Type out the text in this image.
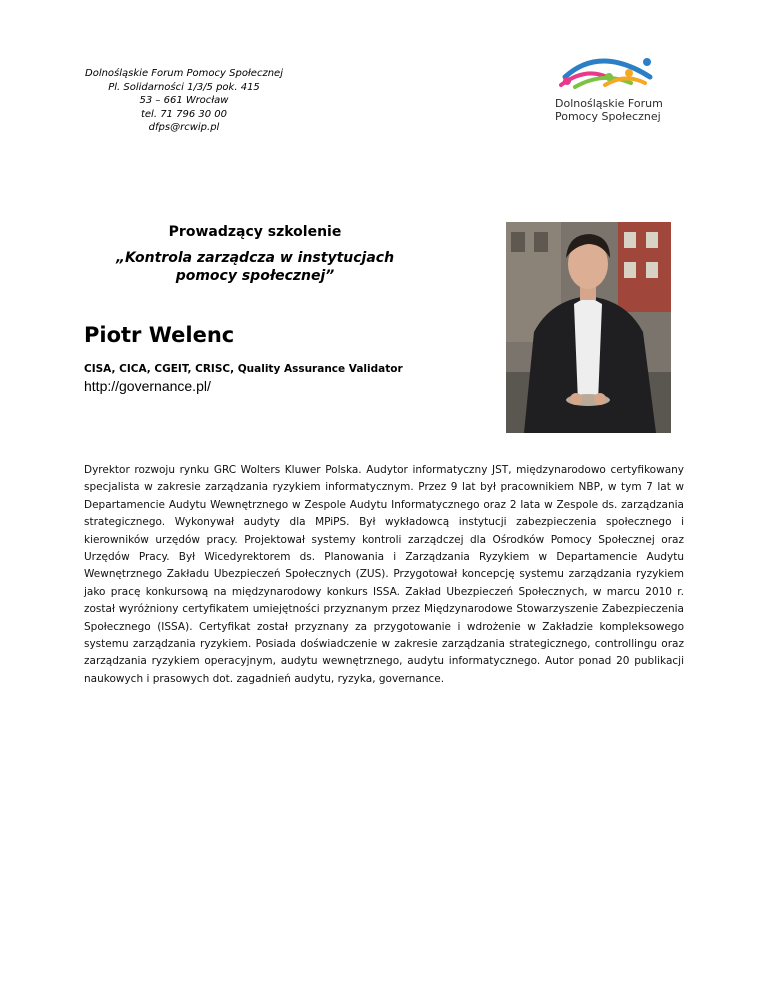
Dolnośląskie Forum Pomocy Społecznej
Pl. Solidarności 1/3/5 pok. 415
53 – 661 Wrocław
tel. 71 796 30 00
dfps@rcwip.pl
Dolnośląskie Forum
Pomocy Społecznej
Prowadzący szkolenie
„Kontrola zarządcza w instytucjach pomocy społecznej”
Piotr Welenc
CISA, CICA, CGEIT, CRISC, Quality Assurance Validator
http://governance.pl/
Dyrektor rozwoju rynku GRC Wolters Kluwer Polska. Audytor informatyczny JST, międzynarodowo certyfikowany specjalista w zakresie zarządzania ryzykiem informatycznym. Przez 9 lat był pracownikiem NBP, w tym 7 lat w Departamencie Audytu Wewnętrznego w Zespole Audytu Informatycznego oraz 2 lata w Zespole ds. zarządzania strategicznego. Wykonywał audyty dla MPiPS. Był wykładowcą instytucji zabezpieczenia społecznego i kierowników urzędów pracy. Projektował systemy kontroli zarządczej dla Ośrodków Pomocy Społecznej oraz Urzędów Pracy. Był Wicedyrektorem ds. Planowania i Zarządzania Ryzykiem w Departamencie Audytu Wewnętrznego Zakładu Ubezpieczeń Społecznych (ZUS). Przygotował koncepcję systemu zarządzania ryzykiem jako pracę konkursową na międzynarodowy konkurs ISSA. Zakład Ubezpieczeń Społecznych, w marcu 2010 r. został wyróżniony certyfikatem umiejętności przyznanym przez Międzynarodowe Stowarzyszenie Zabezpieczenia Społecznego (ISSA). Certyfikat został przyznany za przygotowanie i wdrożenie w Zakładzie kompleksowego systemu zarządzania ryzykiem. Posiada doświadczenie w zakresie zarządzania strategicznego, controllingu oraz zarządzania ryzykiem operacyjnym, audytu wewnętrznego, audytu informatycznego. Autor ponad 20 publikacji naukowych i prasowych dot. zagadnień audytu, ryzyka, governance.
